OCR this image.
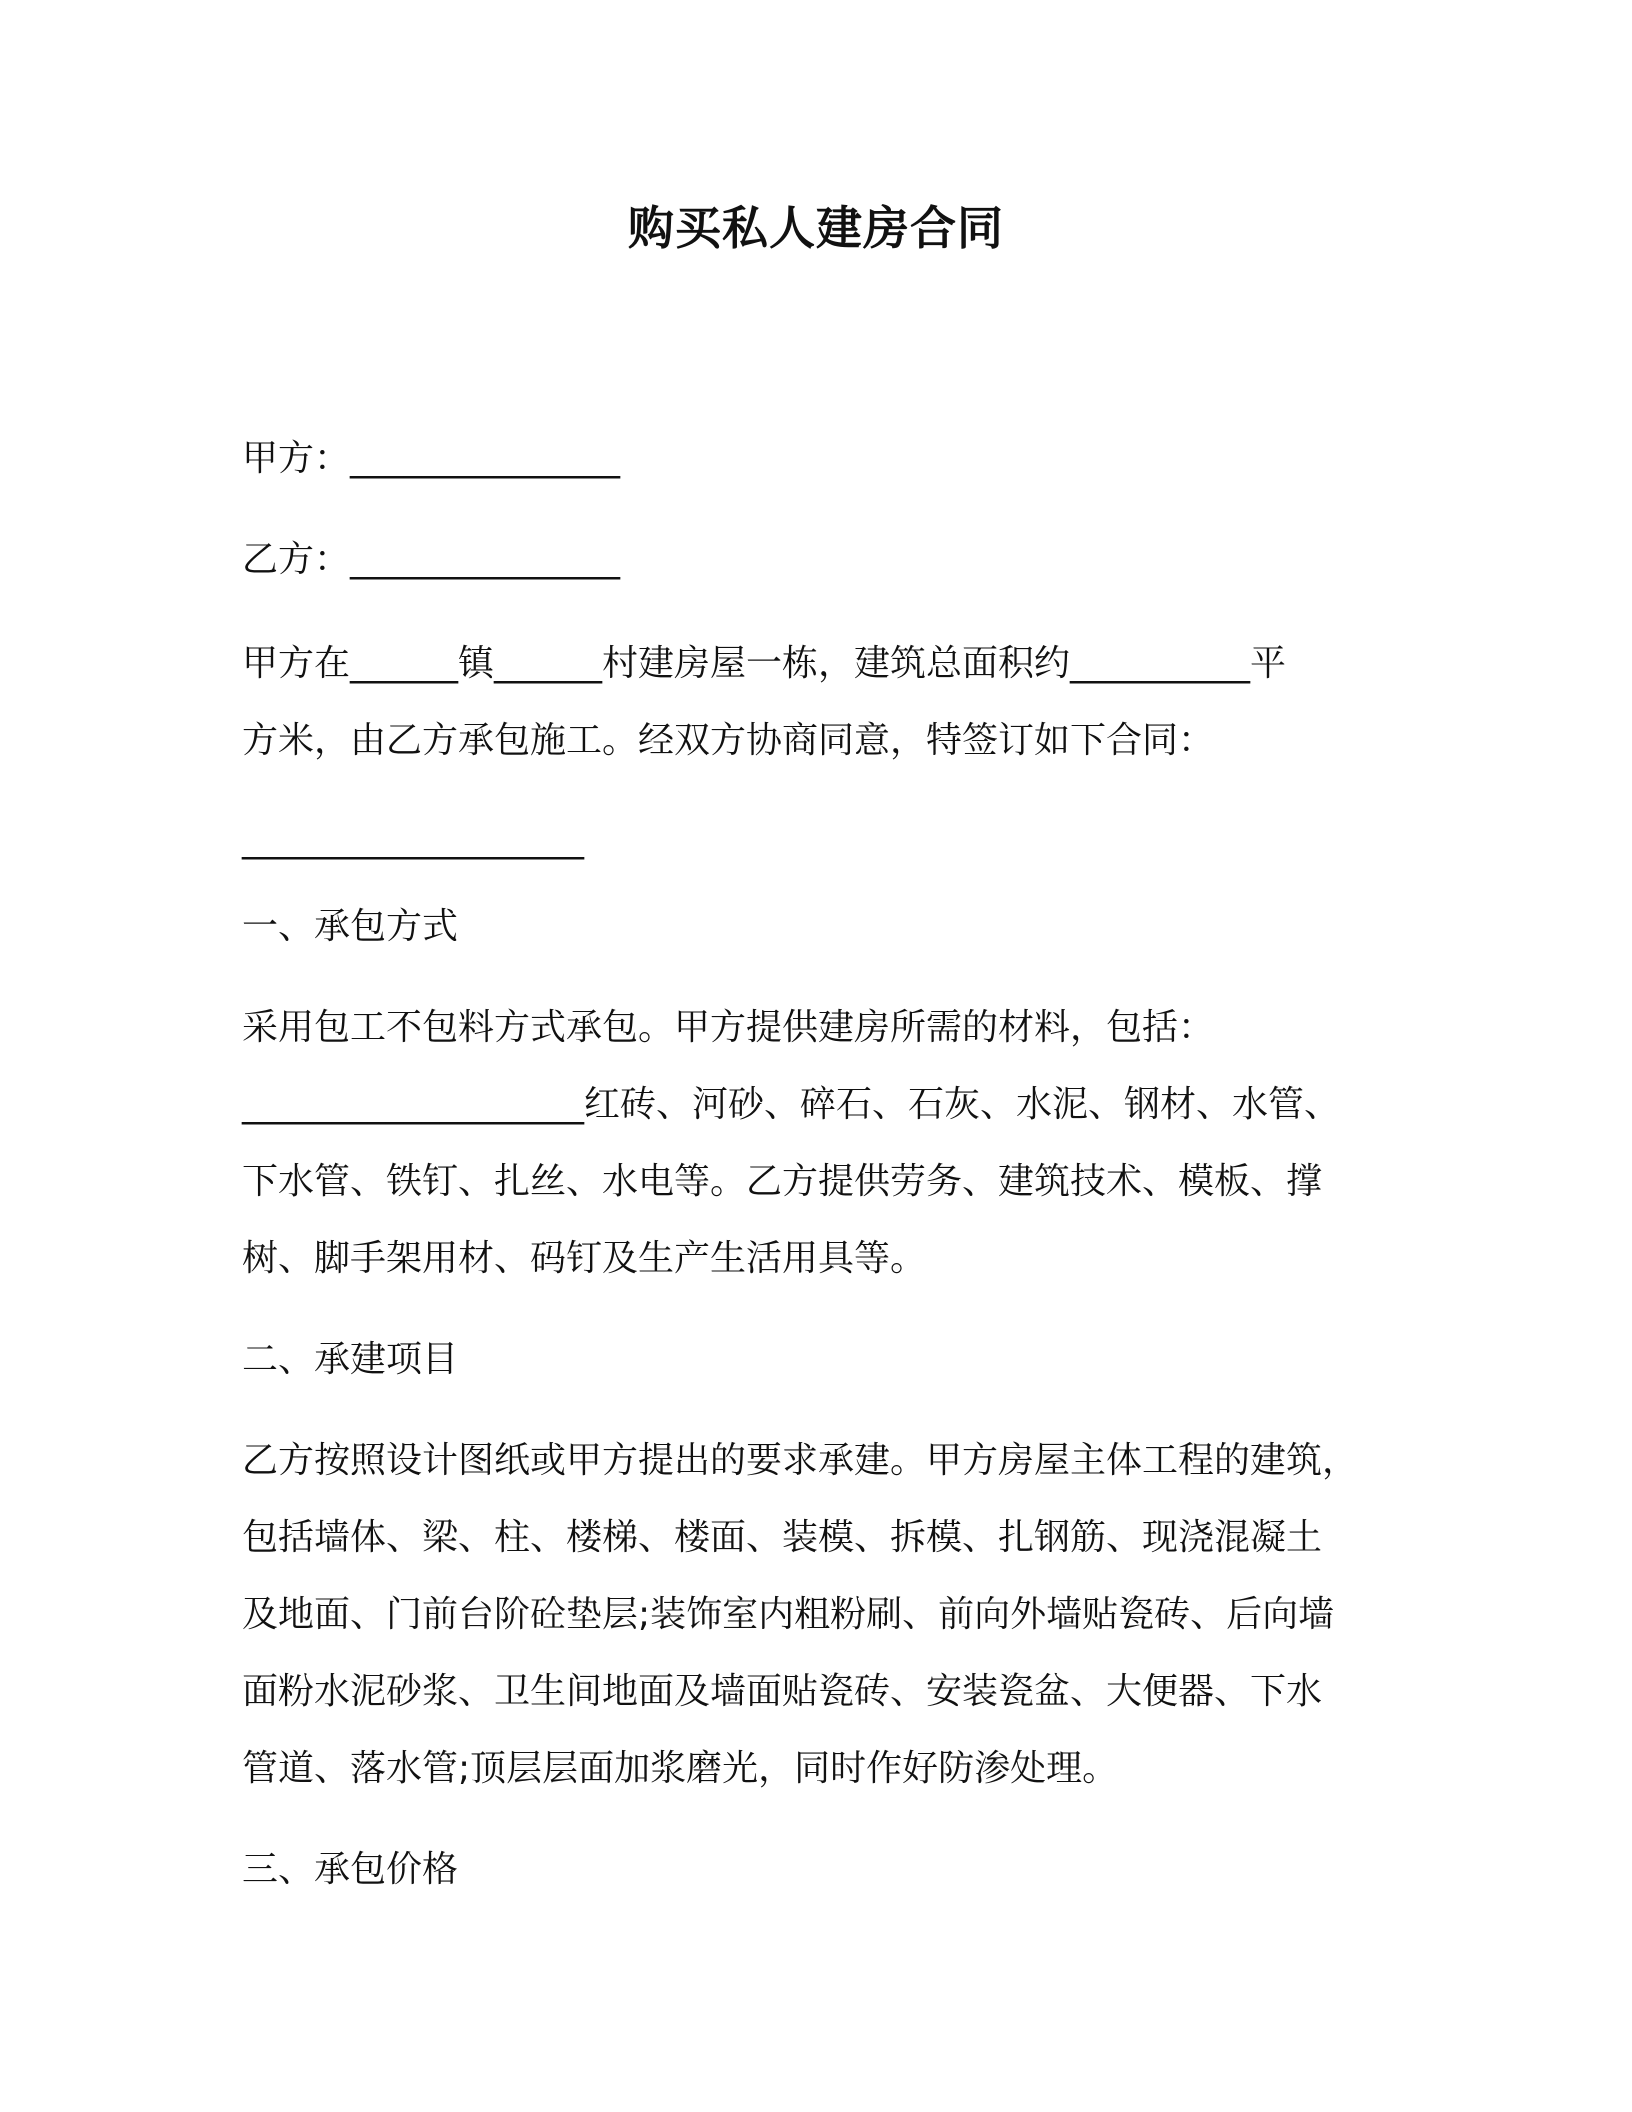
购买私人建房合同

甲方：_______________

乙方：_______________

甲方在______镇______村建房屋一栋，建筑总面积约__________平

方米，由乙方承包施工。经双方协商同意，特签订如下合同：

___________________

一、承包方式

采用包工不包料方式承包。甲方提供建房所需的材料，包括：

___________________红砖、河砂、碎石、石灰、水泥、钢材、水管、

下水管、铁钉、扎丝、水电等。乙方提供劳务、建筑技术、模板、撑

树、脚手架用材、码钉及生产生活用具等。

二、承建项目

乙方按照设计图纸或甲方提出的要求承建。甲方房屋主体工程的建筑，

包括墙体、梁、柱、楼梯、楼面、装模、拆模、扎钢筋、现浇混凝土

及地面、门前台阶砼垫层;装饰室内粗粉刷、前向外墙贴瓷砖、后向墙

面粉水泥砂浆、卫生间地面及墙面贴瓷砖、安装瓷盆、大便器、下水

管道、落水管;顶层层面加浆磨光，同时作好防渗处理。

三、承包价格
